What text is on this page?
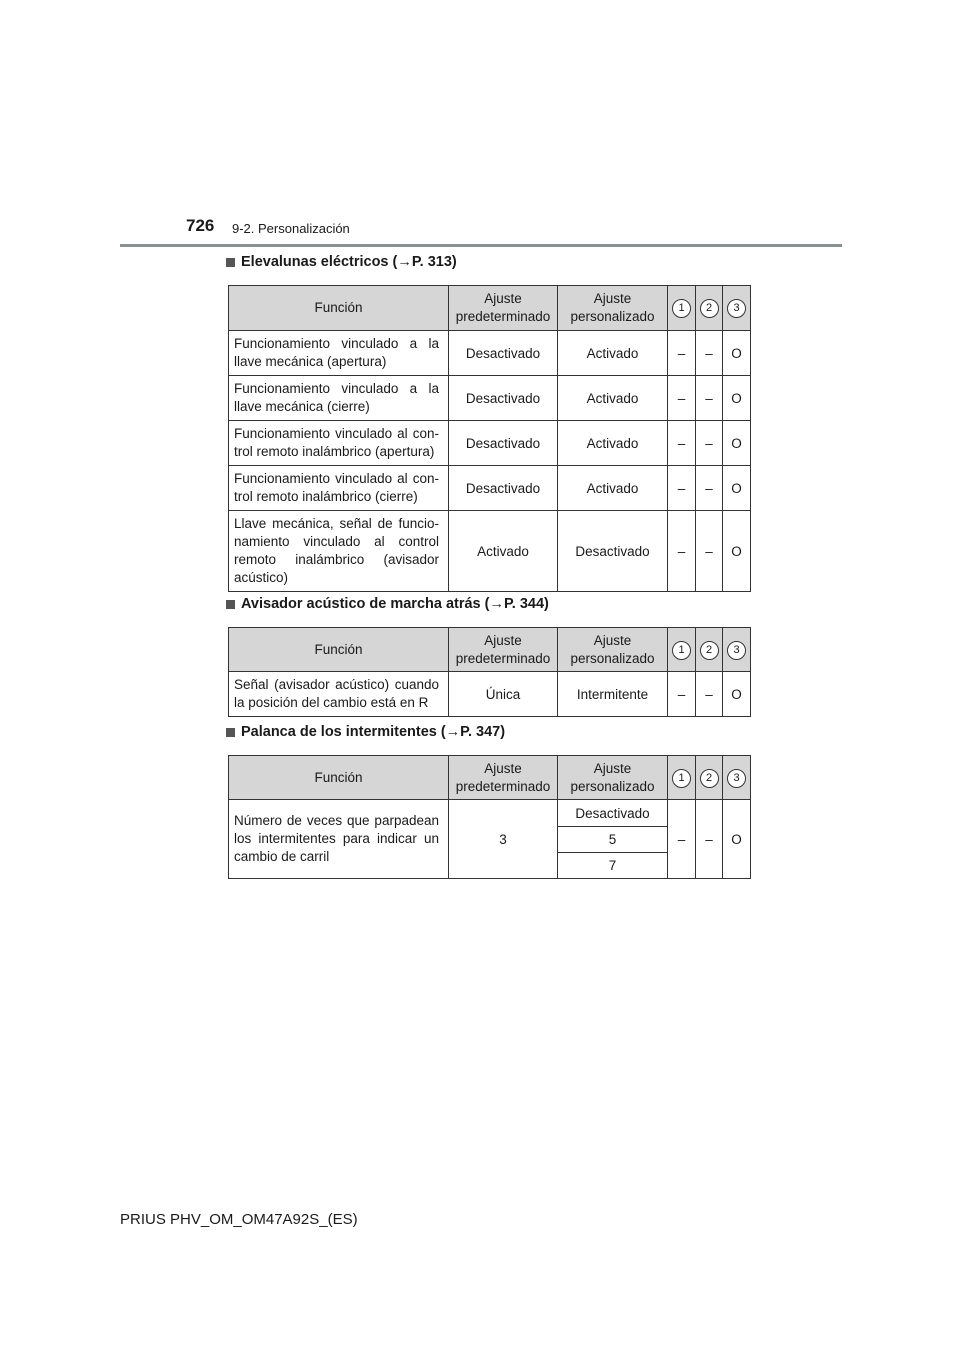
726 9-2. Personalización
Elevalunas eléctricos (→P. 313)
Función	Ajuste predeterminado	Ajuste personalizado	1	2	3
Funcionamiento vinculado a la llave mecánica (apertura)	Desactivado	Activado	–	–	O
Funcionamiento vinculado a la llave mecánica (cierre)	Desactivado	Activado	–	–	O
Funcionamiento vinculado al con-trol remoto inalámbrico (apertura)	Desactivado	Activado	–	–	O
Funcionamiento vinculado al con-trol remoto inalámbrico (cierre)	Desactivado	Activado	–	–	O
Llave mecánica, señal de funcio-namiento vinculado al control remoto inalámbrico (avisador acústico)	Activado	Desactivado	–	–	O
Avisador acústico de marcha atrás (→P. 344)
Función	Ajuste predeterminado	Ajuste personalizado	1	2	3
Señal (avisador acústico) cuando la posición del cambio está en R	Única	Intermitente	–	–	O
Palanca de los intermitentes (→P. 347)
Función	Ajuste predeterminado	Ajuste personalizado	1	2	3
Número de veces que parpadean los intermitentes para indicar un cambio de carril	3	Desactivado	–	–	O
		5			
		7			
PRIUS PHV_OM_OM47A92S_(ES)
